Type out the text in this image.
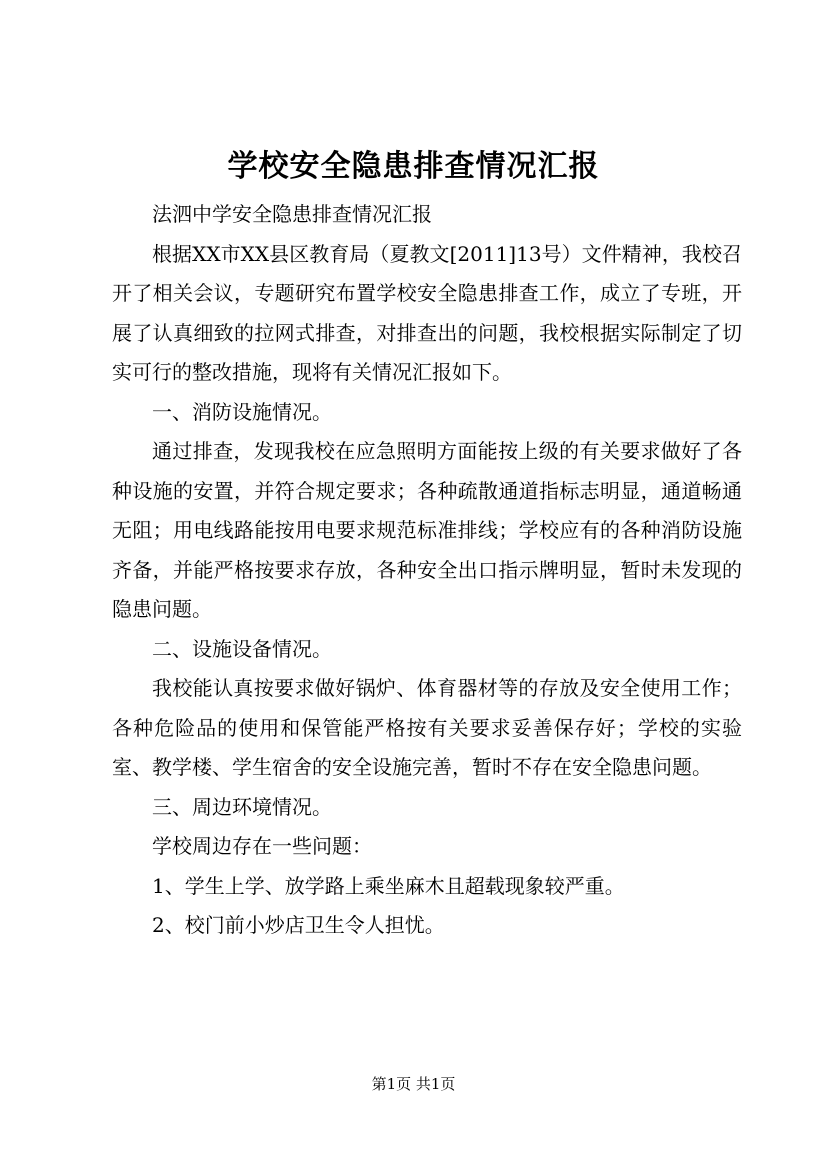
学校安全隐患排查情况汇报

法泗中学安全隐患排查情况汇报

根据XX市XX县区教育局（夏教文[2011]13号）文件精神，我校召开了相关会议，专题研究布置学校安全隐患排查工作，成立了专班，开展了认真细致的拉网式排查，对排查出的问题，我校根据实际制定了切实可行的整改措施，现将有关情况汇报如下。

一、消防设施情况。

通过排查，发现我校在应急照明方面能按上级的有关要求做好了各种设施的安置，并符合规定要求；各种疏散通道指标志明显，通道畅通无阻；用电线路能按用电要求规范标准排线；学校应有的各种消防设施齐备，并能严格按要求存放，各种安全出口指示牌明显，暂时未发现的隐患问题。

二、设施设备情况。

我校能认真按要求做好锅炉、体育器材等的存放及安全使用工作；各种危险品的使用和保管能严格按有关要求妥善保存好；学校的实验室、教学楼、学生宿舍的安全设施完善，暂时不存在安全隐患问题。

三、周边环境情况。

学校周边存在一些问题：

1、学生上学、放学路上乘坐麻木且超载现象较严重。

2、校门前小炒店卫生令人担忧。

第1页 共1页
